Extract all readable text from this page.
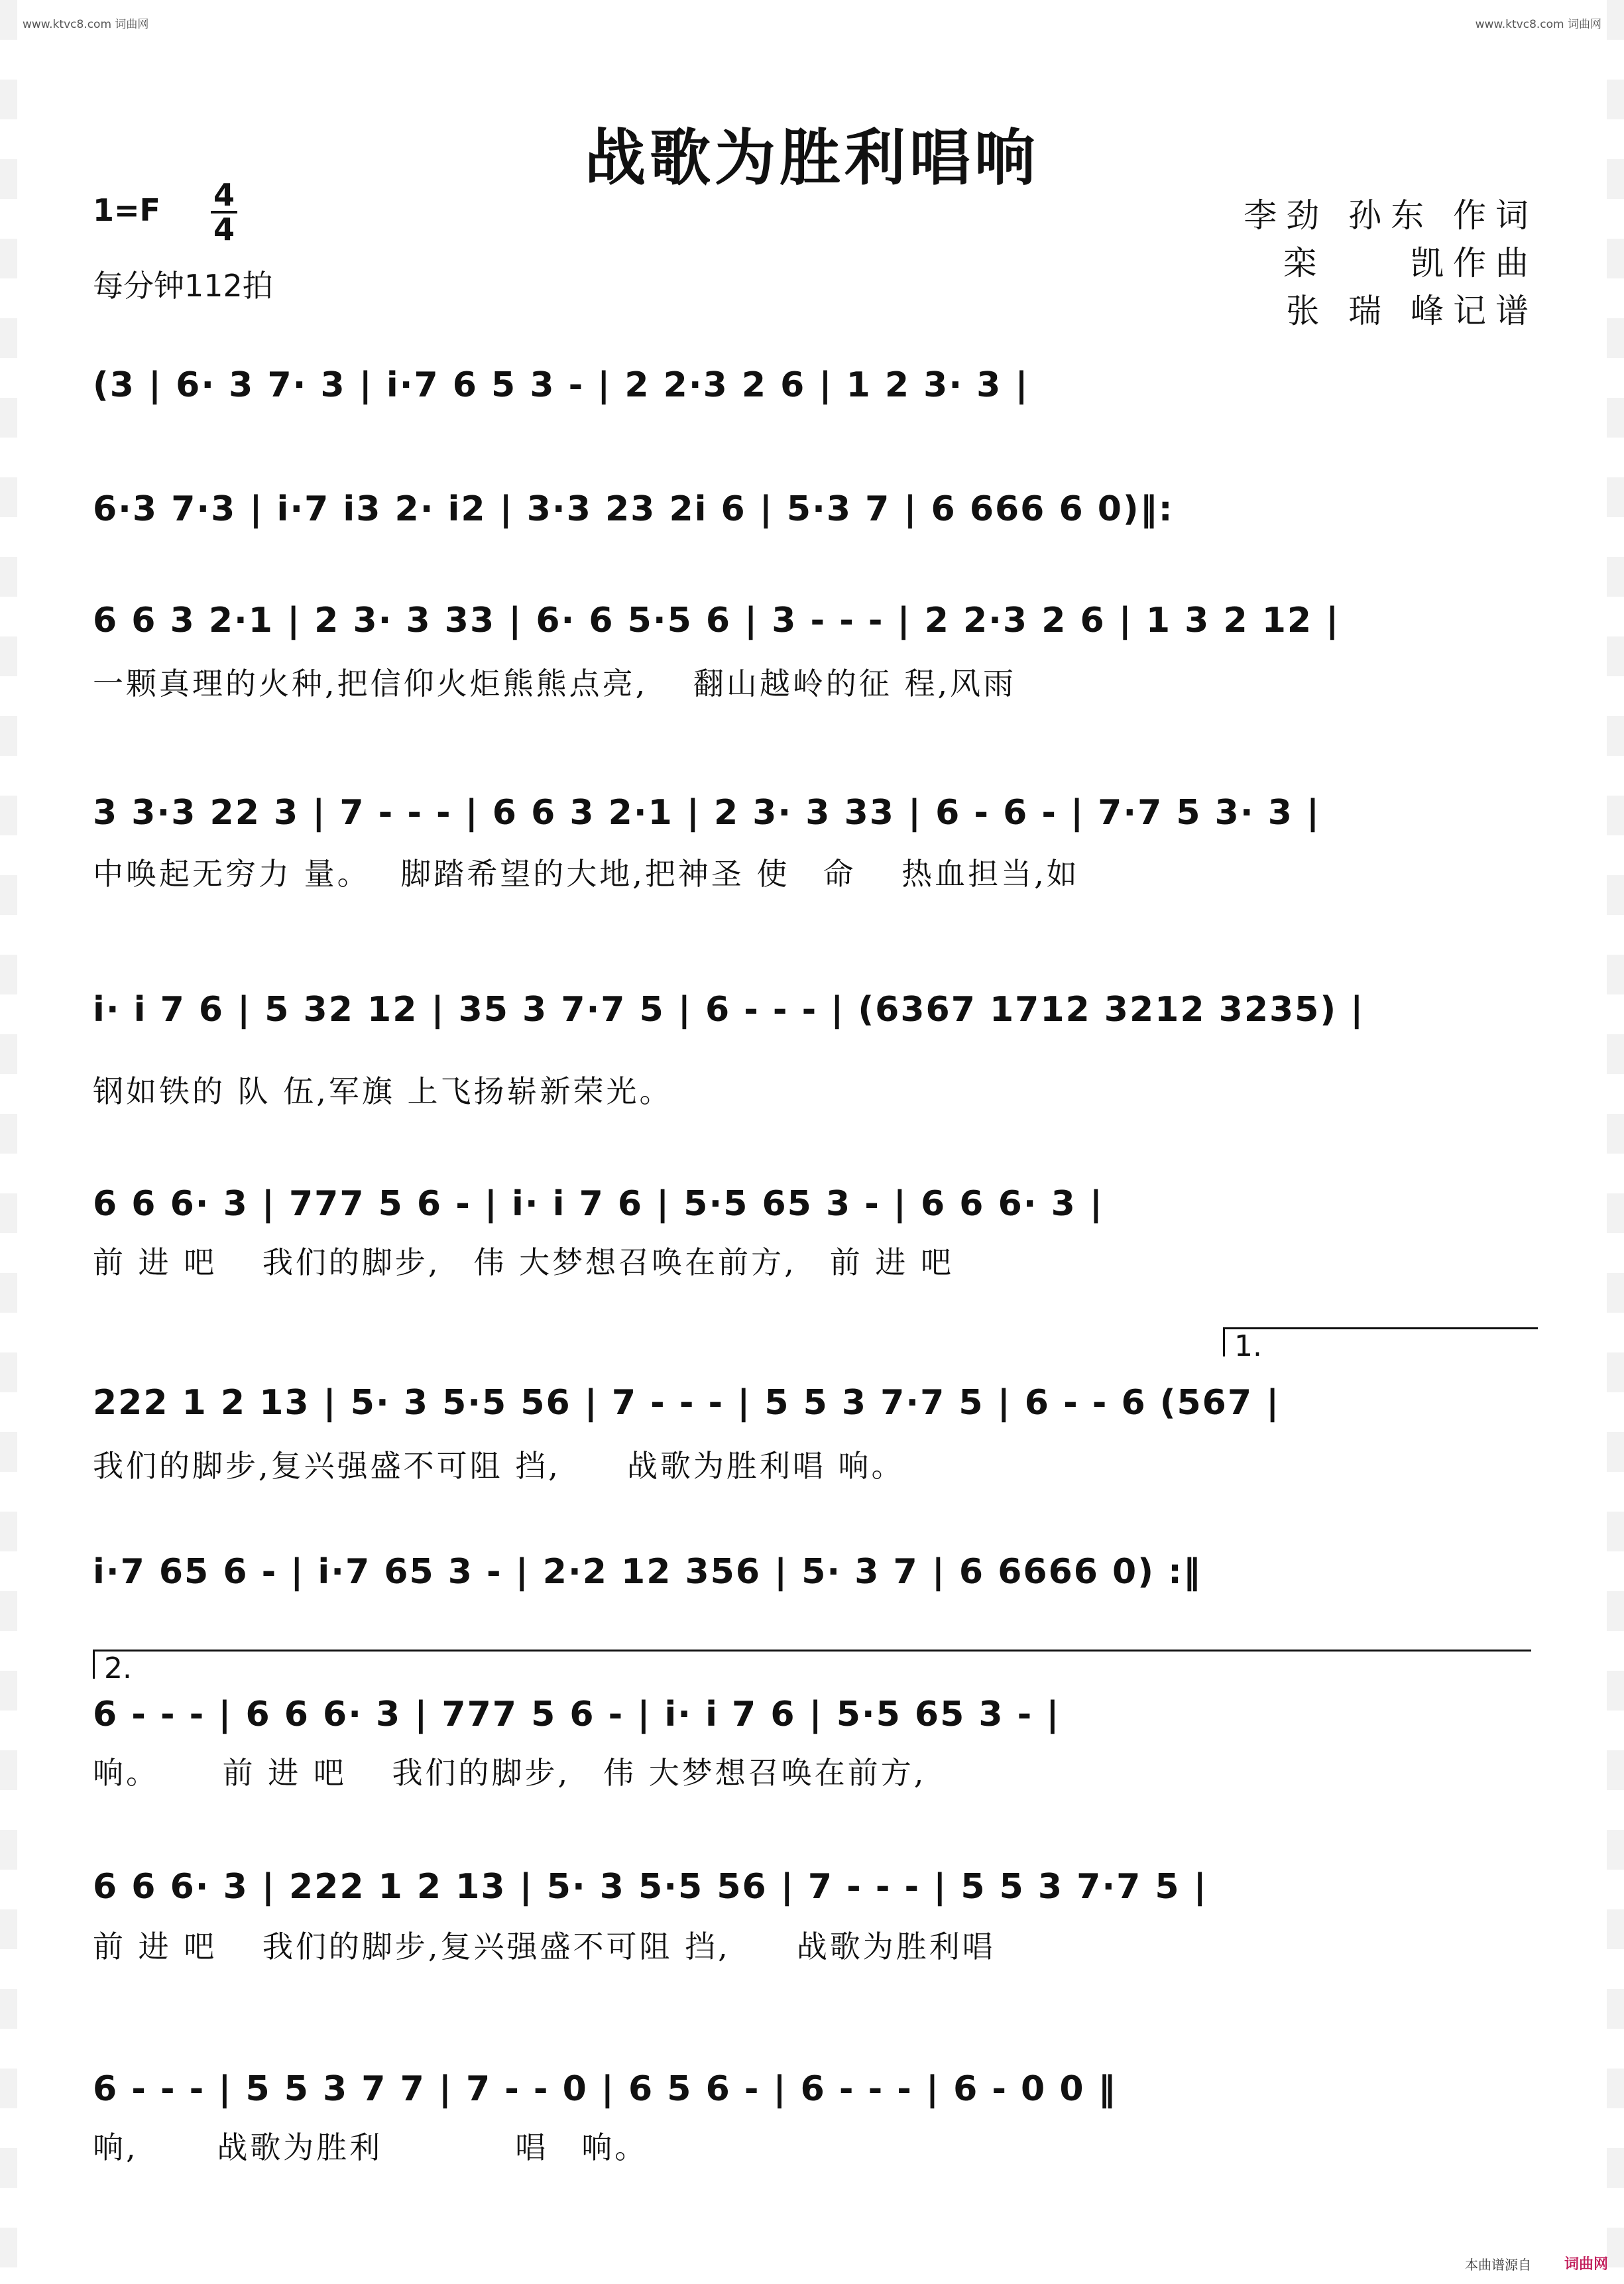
www.ktvc8.com 词曲网	www.ktvc8.com 词曲网
战歌为胜利唱响
1=F 4
4
每分钟112拍
李劲 孙东 作词
栾　　凯作曲
张 瑞 峰记谱
(3 | 6· 3 7· 3 | i·7 6 5 3 - | 2 2·3 2 6 | 1 2 3· 3 |
6·3 7·3 | i·7 i3 2· i2 | 3·3 23 2i 6 | 5·3 7 | 6 666 6 0)‖:
6 6 3 2·1 | 2 3· 3 33 | 6· 6 5·5 6 | 3 - - - | 2 2·3 2 6 | 1 3 2 12 |
一颗真理的火种,把信仰火炬熊熊点亮,　 翻山越岭的征 程,风雨
3 3·3 22 3 | 7 - - - | 6 6 3 2·1 | 2 3· 3 33 | 6 - 6 - | 7·7 5 3· 3 |
中唤起无穷力 量。　 脚踏希望的大地,把神圣 使　命　 热血担当,如
i· i 7 6 | 5 32 12 | 35 3 7·7 5 | 6 - - - | (6367 1712 3212 3235) |
钢如铁的 队 伍,军旗 上飞扬崭新荣光。
6 6 6· 3 | 777 5 6 - | i· i 7 6 | 5·5 65 3 - | 6 6 6· 3 |
前 进 吧　 我们的脚步,　伟 大梦想召唤在前方,　前 进 吧
1.
222 1 2 13 | 5· 3 5·5 56 | 7 - - - | 5 5 3 7·7 5 | 6 - - 6 (567 |
我们的脚步,复兴强盛不可阻 挡,　　战歌为胜利唱 响。
i·7 65 6 - | i·7 65 3 - | 2·2 12 356 | 5· 3 7 | 6 6666 0) :‖
2.
6 - - - | 6 6 6· 3 | 777 5 6 - | i· i 7 6 | 5·5 65 3 - |
响。　　 前 进 吧　 我们的脚步,　伟 大梦想召唤在前方,
6 6 6· 3 | 222 1 2 13 | 5· 3 5·5 56 | 7 - - - | 5 5 3 7·7 5 |
前 进 吧　 我们的脚步,复兴强盛不可阻 挡,　　战歌为胜利唱
6 - - - | 5 5 3 7 7 | 7 - - 0 | 6 5 6 - | 6 - - - | 6 - 0 0 ‖
响,　　 战歌为胜利　　　　唱　响。
本曲谱源自 词曲网
